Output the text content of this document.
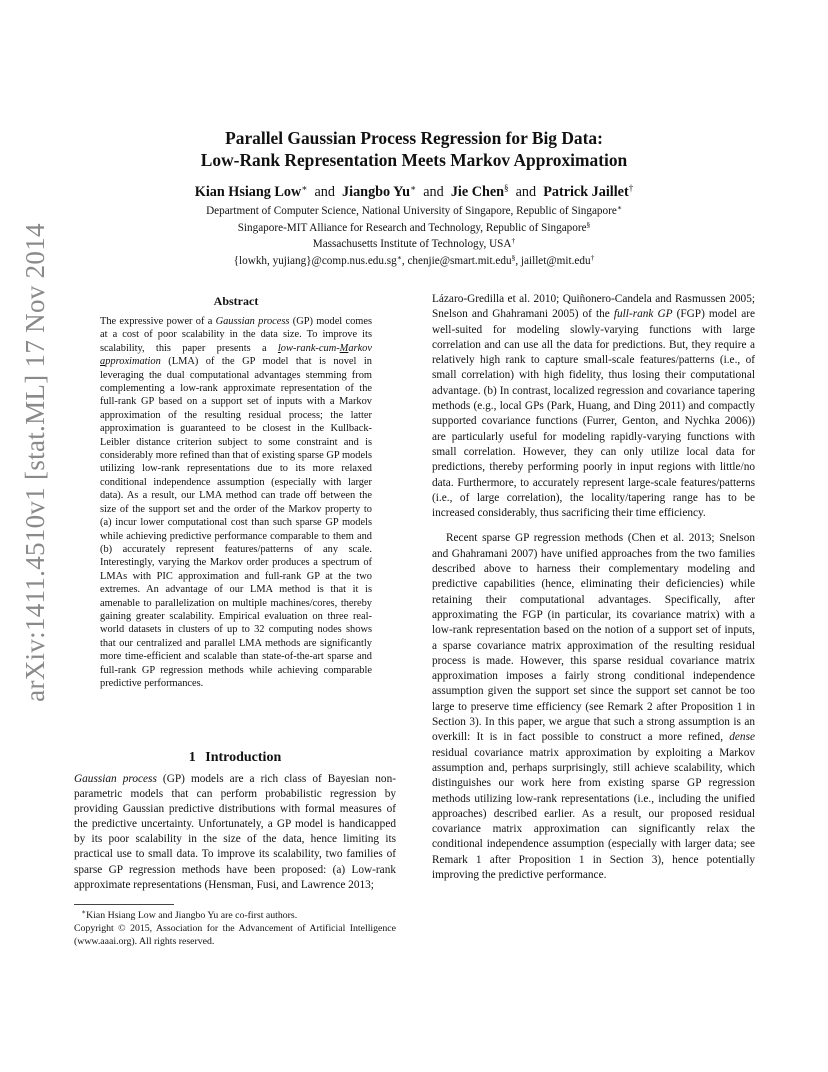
arXiv:1411.4510v1 [stat.ML] 17 Nov 2014
Parallel Gaussian Process Regression for Big Data:
Low-Rank Representation Meets Markov Approximation
Kian Hsiang Low∗ and Jiangbo Yu∗ and Jie Chen§ and Patrick Jaillet†
Department of Computer Science, National University of Singapore, Republic of Singapore∗
Singapore-MIT Alliance for Research and Technology, Republic of Singapore§
Massachusetts Institute of Technology, USA†
{lowkh, yujiang}@comp.nus.edu.sg∗, chenjie@smart.mit.edu§, jaillet@mit.edu†
Abstract

The expressive power of a Gaussian process (GP) model comes at a cost of poor scalability in the data size. To improve its scalability, this paper presents a low-rank-cum-Markov approximation (LMA) of the GP model that is novel in leveraging the dual computational advantages stemming from complementing a low-rank approximate representation of the full-rank GP based on a support set of inputs with a Markov approximation of the resulting residual process; the latter approximation is guaranteed to be closest in the Kullback-Leibler distance criterion subject to some constraint and is considerably more refined than that of existing sparse GP models utilizing low-rank representations due to its more relaxed conditional independence assumption (especially with larger data). As a result, our LMA method can trade off between the size of the support set and the order of the Markov property to (a) incur lower computational cost than such sparse GP models while achieving predictive performance comparable to them and (b) accurately represent features/patterns of any scale. Interestingly, varying the Markov order produces a spectrum of LMAs with PIC approximation and full-rank GP at the two extremes. An advantage of our LMA method is that it is amenable to parallelization on multiple machines/cores, thereby gaining greater scalability. Empirical evaluation on three real-world datasets in clusters of up to 32 computing nodes shows that our centralized and parallel LMA methods are significantly more time-efficient and scalable than state-of-the-art sparse and full-rank GP regression methods while achieving comparable predictive performances.

1 Introduction

Gaussian process (GP) models are a rich class of Bayesian non-parametric models that can perform probabilistic regression by providing Gaussian predictive distributions with formal measures of the predictive uncertainty. Unfortunately, a GP model is handicapped by its poor scalability in the size of the data, hence limiting its practical use to small data. To improve its scalability, two families of sparse GP regression methods have been proposed: (a) Low-rank approximate representations (Hensman, Fusi, and Lawrence 2013;

∗Kian Hsiang Low and Jiangbo Yu are co-first authors.

Copyright © 2015, Association for the Advancement of Artificial Intelligence (www.aaai.org). All rights reserved.

Lázaro-Gredilla et al. 2010; Quiñonero-Candela and Rasmussen 2005; Snelson and Ghahramani 2005) of the full-rank GP (FGP) model are well-suited for modeling slowly-varying functions with large correlation and can use all the data for predictions. But, they require a relatively high rank to capture small-scale features/patterns (i.e., of small correlation) with high fidelity, thus losing their computational advantage. (b) In contrast, localized regression and covariance tapering methods (e.g., local GPs (Park, Huang, and Ding 2011) and compactly supported covariance functions (Furrer, Genton, and Nychka 2006)) are particularly useful for modeling rapidly-varying functions with small correlation. However, they can only utilize local data for predictions, thereby performing poorly in input regions with little/no data. Furthermore, to accurately represent large-scale features/patterns (i.e., of large correlation), the locality/tapering range has to be increased considerably, thus sacrificing their time efficiency.

Recent sparse GP regression methods (Chen et al. 2013; Snelson and Ghahramani 2007) have unified approaches from the two families described above to harness their complementary modeling and predictive capabilities (hence, eliminating their deficiencies) while retaining their computational advantages. Specifically, after approximating the FGP (in particular, its covariance matrix) with a low-rank representation based on the notion of a support set of inputs, a sparse covariance matrix approximation of the resulting residual process is made. However, this sparse residual covariance matrix approximation imposes a fairly strong conditional independence assumption given the support set since the support set cannot be too large to preserve time efficiency (see Remark 2 after Proposition 1 in Section 3). In this paper, we argue that such a strong assumption is an overkill: It is in fact possible to construct a more refined, dense residual covariance matrix approximation by exploiting a Markov assumption and, perhaps surprisingly, still achieve scalability, which distinguishes our work here from existing sparse GP regression methods utilizing low-rank representations (i.e., including the unified approaches) described earlier. As a result, our proposed residual covariance matrix approximation can significantly relax the conditional independence assumption (especially with larger data; see Remark 1 after Proposition 1 in Section 3), hence potentially improving the predictive performance.
